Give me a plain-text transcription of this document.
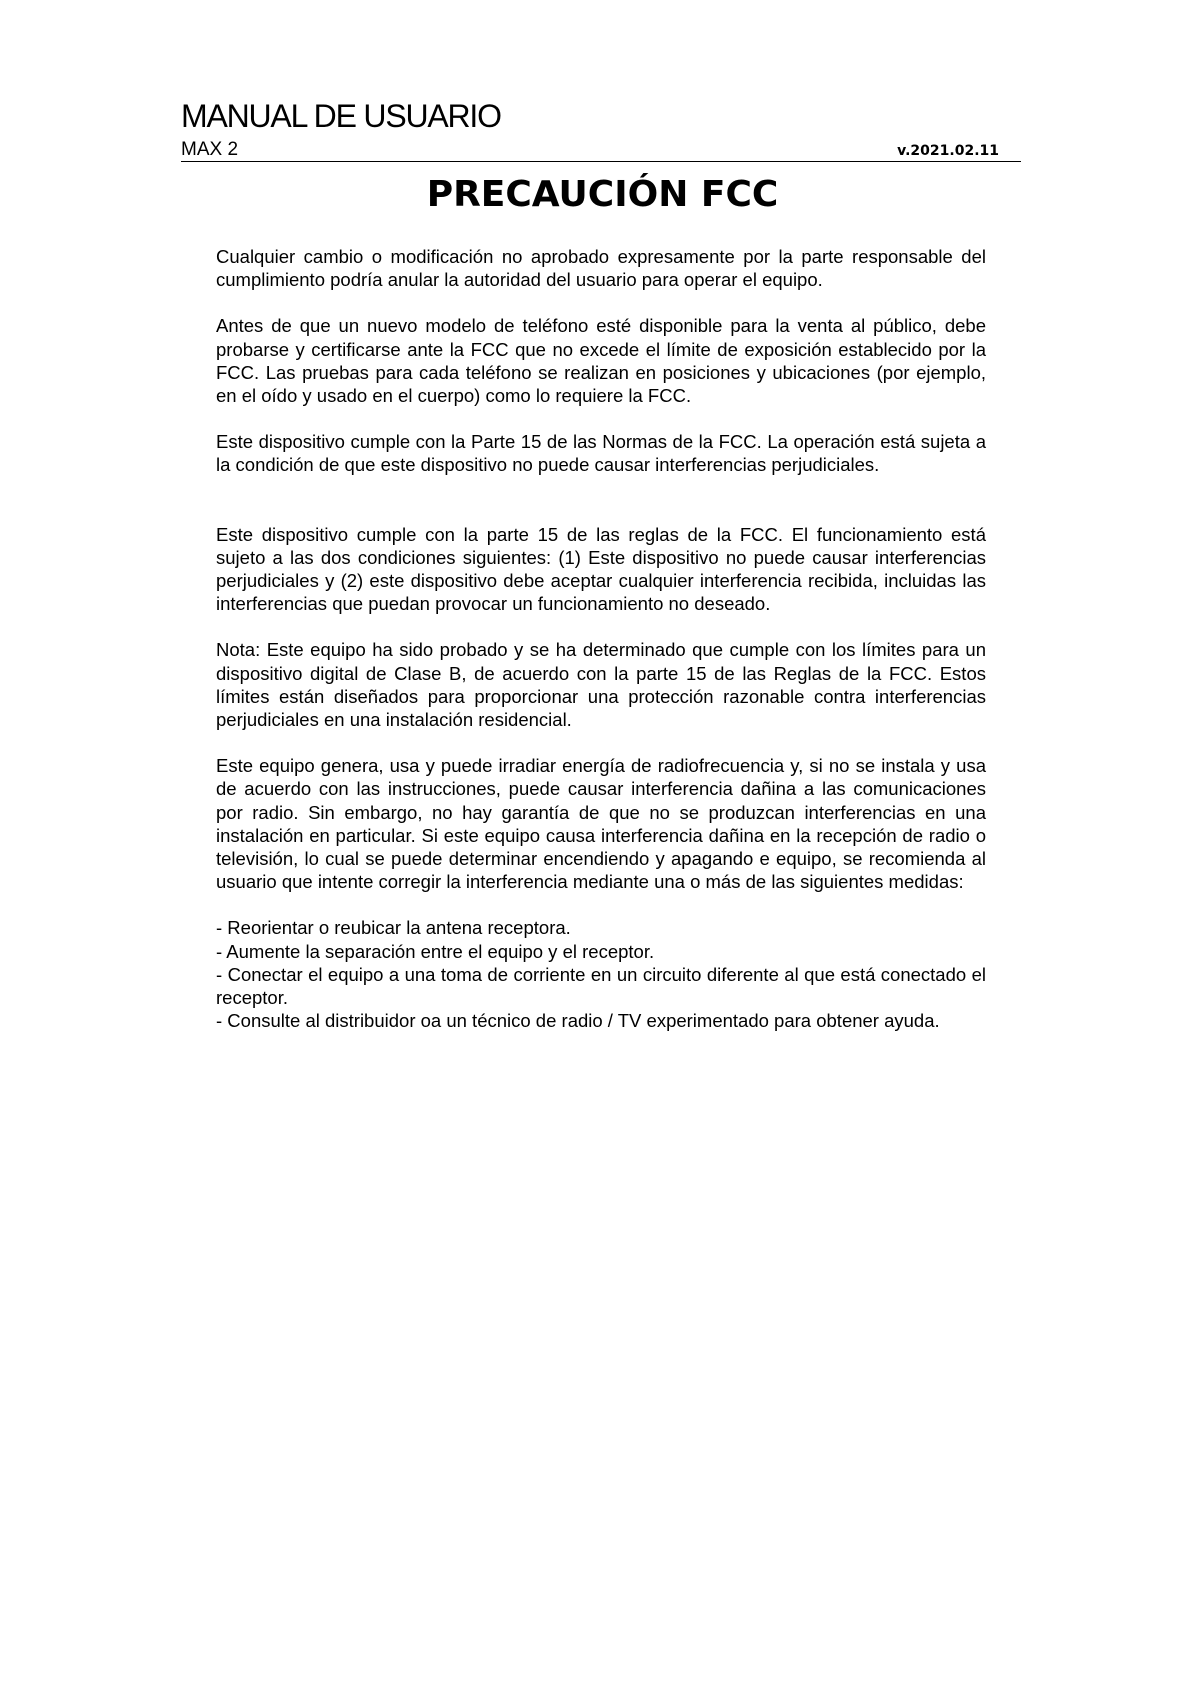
MANUAL DE USUARIO
MAX 2	v.2021.02.11
PRECAUCIÓN FCC

Cualquier cambio o modificación no aprobado expresamente por la parte responsable del cumplimiento podría anular la autoridad del usuario para operar el equipo.

Antes de que un nuevo modelo de teléfono esté disponible para la venta al público, debe probarse y certificarse ante la FCC que no excede el límite de exposición establecido por la FCC. Las pruebas para cada teléfono se realizan en posiciones y ubicaciones (por ejemplo, en el oído y usado en el cuerpo) como lo requiere la FCC.

Este dispositivo cumple con la Parte 15 de las Normas de la FCC. La operación está sujeta a la condición de que este dispositivo no puede causar interferencias perjudiciales.

Este dispositivo cumple con la parte 15 de las reglas de la FCC. El funcionamiento está sujeto a las dos condiciones siguientes: (1) Este dispositivo no puede causar interferencias perjudiciales y (2) este dispositivo debe aceptar cualquier interferencia recibida, incluidas las interferencias que puedan provocar un funcionamiento no deseado.

Nota: Este equipo ha sido probado y se ha determinado que cumple con los límites para un dispositivo digital de Clase B, de acuerdo con la parte 15 de las Reglas de la FCC. Estos límites están diseñados para proporcionar una protección razonable contra interferencias perjudiciales en una instalación residencial.

Este equipo genera, usa y puede irradiar energía de radiofrecuencia y, si no se instala y usa de acuerdo con las instrucciones, puede causar interferencia dañina a las comunicaciones por radio. Sin embargo, no hay garantía de que no se produzcan interferencias en una instalación en particular. Si este equipo causa interferencia dañina en la recepción de radio o televisión, lo cual se puede determinar encendiendo y apagando e equipo, se recomienda al usuario que intente corregir la interferencia mediante una o más de las siguientes medidas:

- Reorientar o reubicar la antena receptora.
- Aumente la separación entre el equipo y el receptor.
- Conectar el equipo a una toma de corriente en un circuito diferente al que está conectado el receptor.
- Consulte al distribuidor oa un técnico de radio / TV experimentado para obtener ayuda.
